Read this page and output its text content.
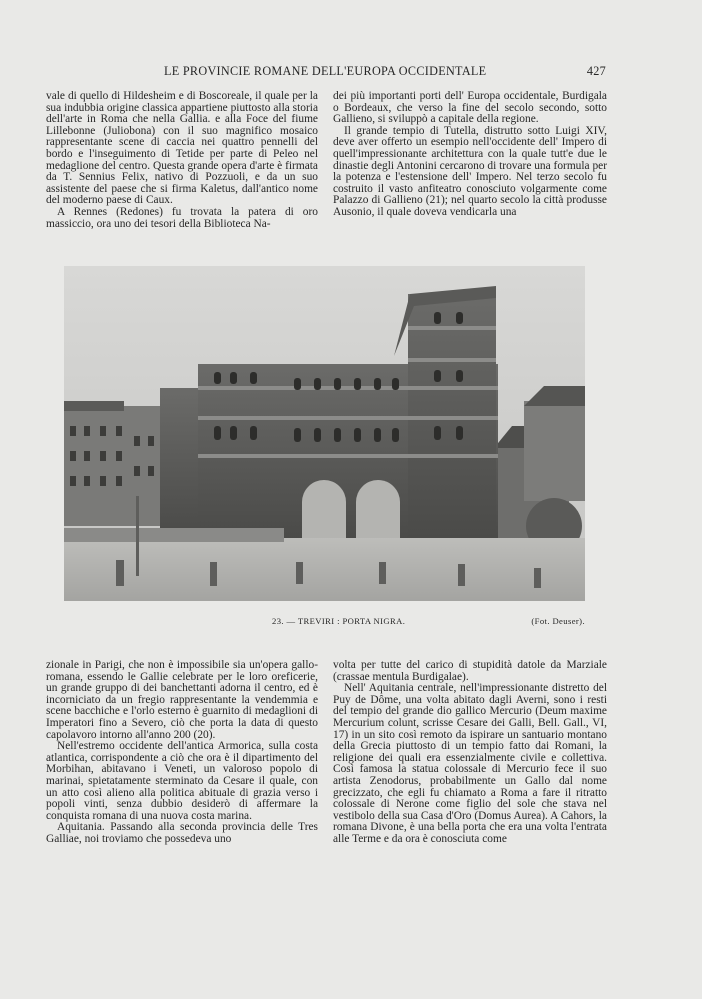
LE PROVINCIE ROMANE DELL'EUROPA OCCIDENTALE	427

vale di quello di Hildesheim e di Boscoreale, il quale per la sua indubbia origine classica appartiene piuttosto alla storia dell'arte in Roma che nella Gallia. e alla Foce del fiume Lillebonne (Juliobona) con il suo magnifico mosaico rappresentante scene di caccia nei quattro pennelli del bordo e l'inseguimento di Tetide per parte di Peleo nel medaglione del centro. Questa grande opera d'arte è firmata da T. Sennius Felix, nativo di Pozzuoli, e da un suo assistente del paese che si firma Kaletus, dall'antico nome del moderno paese di Caux.

A Rennes (Redones) fu trovata la patera di oro massiccio, ora uno dei tesori della Biblioteca Na-

dei più importanti porti dell' Europa occidentale, Burdigala o Bordeaux, che verso la fine del secolo secondo, sotto Gallieno, si sviluppò a capitale della regione.

Il grande tempio di Tutella, distrutto sotto Luigi XIV, deve aver offerto un esempio nell'occidente dell' Impero di quell'impressionante architettura con la quale tutt'e due le dinastie degli Antonini cercarono di trovare una formula per la potenza e l'estensione dell' Impero. Nel terzo secolo fu costruito il vasto anfiteatro conosciuto volgarmente come Palazzo di Gallieno (21); nel quarto secolo la città produsse Ausonio, il quale doveva vendicarla una

23. — TREVIRI : PORTA NIGRA.	(Fot. Deuser).

zionale in Parigi, che non è impossibile sia un'opera gallo-romana, essendo le Gallie celebrate per le loro oreficerie, un grande gruppo di dei banchettanti adorna il centro, ed è incorniciato da un fregio rappresentante la vendemmia e scene bacchiche e l'orlo esterno è guarnito di medaglioni di Imperatori fino a Severo, ciò che porta la data di questo capolavoro intorno all'anno 200 (20).

Nell'estremo occidente dell'antica Armorica, sulla costa atlantica, corrispondente a ciò che ora è il dipartimento del Morbihan, abitavano i Veneti, un valoroso popolo di marinai, spietatamente sterminato da Cesare il quale, con un atto così alieno alla politica abituale di grazia verso i popoli vinti, senza dubbio desiderò di affermare la conquista romana di una nuova costa marina.

Aquitania. Passando alla seconda provincia delle Tres Galliae, noi troviamo che possedeva uno

volta per tutte del carico di stupidità datole da Marziale (crassae mentula Burdigalae).

Nell' Aquitania centrale, nell'impressionante distretto del Puy de Dôme, una volta abitato dagli Averni, sono i resti del tempio del grande dio gallico Mercurio (Deum maxime Mercurium colunt, scrisse Cesare dei Galli, Bell. Gall., VI, 17) in un sito così remoto da ispirare un santuario montano della Grecia piuttosto di un tempio fatto dai Romani, la religione dei quali era essenzialmente civile e collettiva. Così famosa la statua colossale di Mercurio fece il suo artista Zenodorus, probabilmente un Gallo dal nome grecizzato, che egli fu chiamato a Roma a fare il ritratto colossale di Nerone come figlio del sole che stava nel vestibolo della sua Casa d'Oro (Domus Aurea). A Cahors, la romana Divone, è una bella porta che era una volta l'entrata alle Terme e da ora è conosciuta come
